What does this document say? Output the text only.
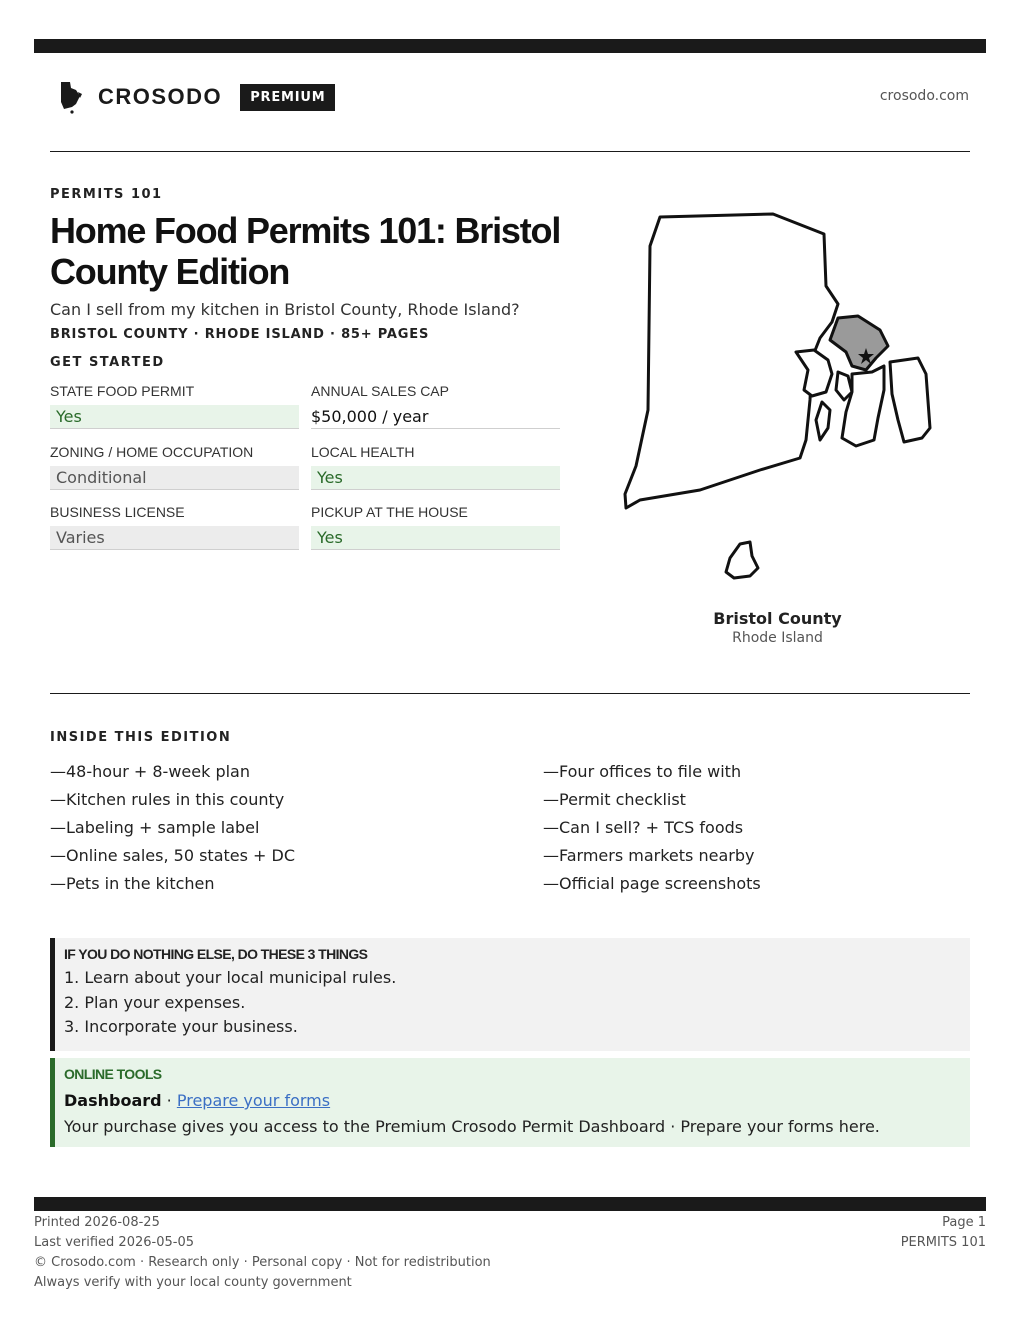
CROSODO	PREMIUM	crosodo.com
PERMITS 101
Home Food Permits 101: Bristol County Edition
Can I sell from my kitchen in Bristol County, Rhode Island?
BRISTOL COUNTY · RHODE ISLAND · 85+ PAGES
GET STARTED
STATE FOOD PERMIT
Yes
ANNUAL SALES CAP
$50,000 / year
ZONING / HOME OCCUPATION
Conditional
LOCAL HEALTH
Yes
BUSINESS LICENSE
Varies
PICKUP AT THE HOUSE
Yes
Bristol County
Rhode Island
INSIDE THIS EDITION
—48-hour + 8-week plan
—Kitchen rules in this county
—Labeling + sample label
—Online sales, 50 states + DC
—Pets in the kitchen
—Four offices to file with
—Permit checklist
—Can I sell? + TCS foods
—Farmers markets nearby
—Official page screenshots
IF YOU DO NOTHING ELSE, DO THESE 3 THINGS
1. Learn about your local municipal rules.
2. Plan your expenses.
3. Incorporate your business.
ONLINE TOOLS
Dashboard · Prepare your forms
Your purchase gives you access to the Premium Crosodo Permit Dashboard · Prepare your forms here.
Printed 2026-08-25
Last verified 2026-05-05
© Crosodo.com · Research only · Personal copy · Not for redistribution
Always verify with your local county government
Page 1
PERMITS 101
